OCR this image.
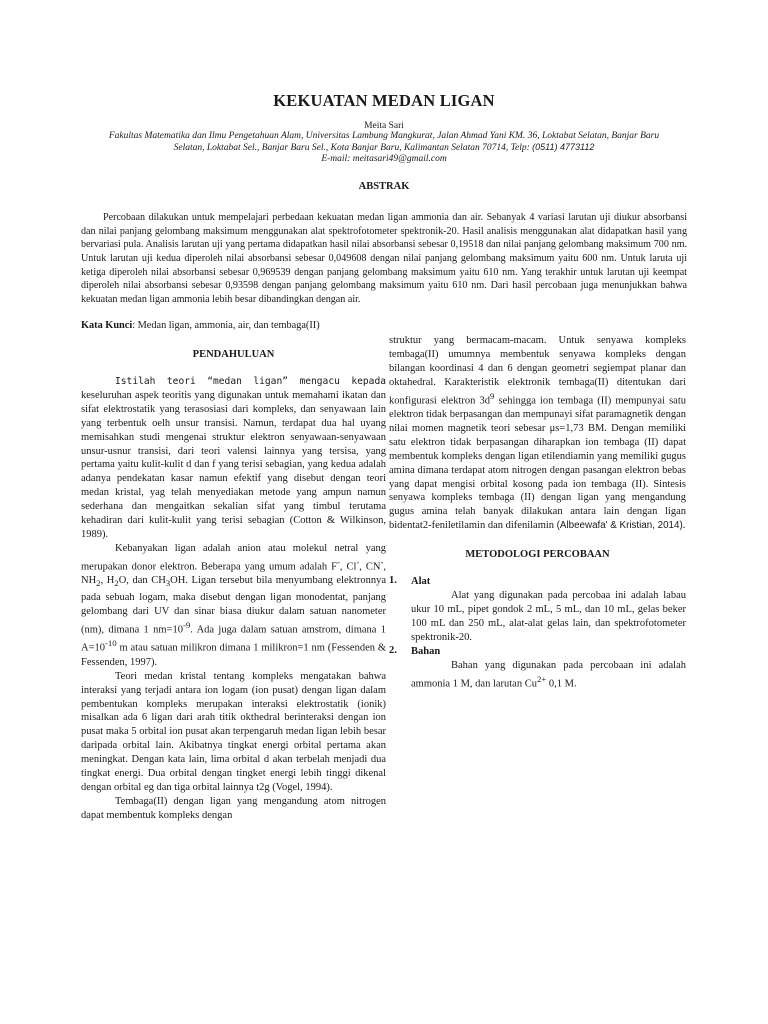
KEKUATAN MEDAN LIGAN
Meita Sari
Fakultas Matematika dan Ilmu Pengetahuan Alam, Universitas Lambung Mangkurat, Jalan Ahmad Yani KM. 36, Loktabat Selatan, Banjar Baru
Selatan, Loktabat Sel., Banjar Baru Sel., Kota Banjar Baru, Kalimantan Selatan 70714, Telp: (0511) 4773112
E-mail: meitasari49@gmail.com
ABSTRAK

Percobaan dilakukan untuk mempelajari perbedaan kekuatan medan ligan ammonia dan air. Sebanyak 4 variasi larutan uji diukur absorbansi dan nilai panjang gelombang maksimum menggunakan alat spektrofotometer spektronik-20. Hasil analisis menggunakan alat didapatkan hasil yang bervariasi pula. Analisis larutan uji yang pertama didapatkan hasil nilai absorbansi sebesar 0,19518 dan nilai panjang gelombang maksimum 700 nm. Untuk larutan uji kedua diperoleh nilai absorbansi sebesar 0,049608 dengan nilai panjang gelombang maksimum yaitu 600 nm. Untuk laruta uji ketiga diperoleh nilai absorbansi sebesar 0,969539 dengan panjang gelombang maksimum yaitu 610 nm. Yang terakhir untuk larutan uji keempat diperoleh nilai absorbansi sebesar 0,93598 dengan panjang gelombang maksimum yaitu 610 nm. Dari hasil percobaan juga menunjukkan bahwa kekuatan medan ligan ammonia lebih besar dibandingkan dengan air.

Kata Kunci: Medan ligan, ammonia, air, dan tembaga(II)
PENDAHULUAN

Istilah teori “medan ligan” mengacu kepada keseluruhan aspek teoritis yang digunakan untuk memahami ikatan dan sifat elektrostatik yang terasosiasi dari kompleks, dan senyawaan lain yang terbentuk oelh unsur transisi. Namun, terdapat dua hal uyang memisahkan studi mengenai struktur elektron senyawaan-senyawaan unsur-usnur transisi, dari teori valensi lainnya yang tersisa, yang pertama yaitu kulit-kulit d dan f yang terisi sebagian, yang kedua adalah adanya pendekatan kasar namun efektif yang disebut dengan teori medan kristal, yag telah menyediakan metode yang ampun namun sederhana dan mengaitkan sekalian sifat yang timbul terutama kehadiran dari kulit-kulit yang terisi sebagian (Cotton & Wilkinson, 1989).

Kebanyakan ligan adalah anion atau molekul netral yang merupakan donor elektron. Beberapa yang umum adalah F-, Cl-, CN-, $NH_2$, $H_2O$, dan $CH_3OH$. Ligan tersebut bila menyumbang elektronnya pada sebuah logam, maka disebut dengan ligan monodentat, panjang gelombang dari UV dan sinar biasa diukur dalam satuan nanometer (nm), dimana 1 $nm=10^{-9}$. Ada juga dalam satuan amstrom, dimana 1 $A=10^{-10}$ m atau satuan milikron dimana 1 milikron=1 nm (Fessenden & Fessenden, 1997).

Teori medan kristal tentang kompleks mengatakan bahwa interaksi yang terjadi antara ion logam (ion pusat) dengan ligan dalam pembentukan kompleks merupakan interaksi elektrostatik (ionik) misalkan ada 6 ligan dari arah titik okthedral berinteraksi dengan ion pusat maka 5 orbital ion pusat akan terpengaruh medan ligan lebih besar daripada orbital lain. Akibatnya tingkat energi orbital pertama akan meningkat. Dengan kata lain, lima orbital d akan terbelah menjadi dua tingkat energi. Dua orbital dengan tingket energi lebih tinggi dikenal dengan orbital eg dan tiga orbital lainnya t2g (Vogel, 1994).

Tembaga(II) dengan ligan yang mengandung atom nitrogen dapat membentuk kompleks dengan

struktur yang bermacam-macam. Untuk senyawa kompleks tembaga(II) umumnya membentuk senyawa kompleks dengan bilangan koordinasi 4 dan 6 dengan geometri segiempat planar dan oktahedral. Karakteristik elektronik tembaga(II) ditentukan dari konfigurasi elektron $3d^9$ sehingga ion tembaga (II) mempunyai satu elektron tidak berpasangan dan mempunayi sifat paramagnetik dengan nilai momen magnetik teori sebesar μs=1,73 BM. Dengan memiliki satu elektron tidak berpasangan diharapkan ion tembaga (II) dapat membentuk kompleks dengan ligan etilendiamin yang memiliki gugus amina dimana terdapat atom nitrogen dengan pasangan elektron bebas yang dapat mengisi orbital kosong pada ion tembaga (II). Sintesis senyawa kompleks tembaga (II) dengan ligan yang mengandung gugus amina telah banyak dilakukan antara lain dengan ligan bidentat2-feniletilamin dan difenilamin (Albeewafa' & Kristian, 2014).

METODOLOGI PERCOBAAN
1. Alat

Alat yang digunakan pada percobaa ini adalah labau ukur 10 mL, pipet gondok 2 mL, 5 mL, dan 10 mL, gelas beker 100 mL dan 250 mL, alat-alat gelas lain, dan spektrofotometer spektronik-20.

2. Bahan

Bahan yang digunakan pada percobaan ini adalah ammonia 1 M, dan larutan $Cu^{2+}$ 0,1 M.
